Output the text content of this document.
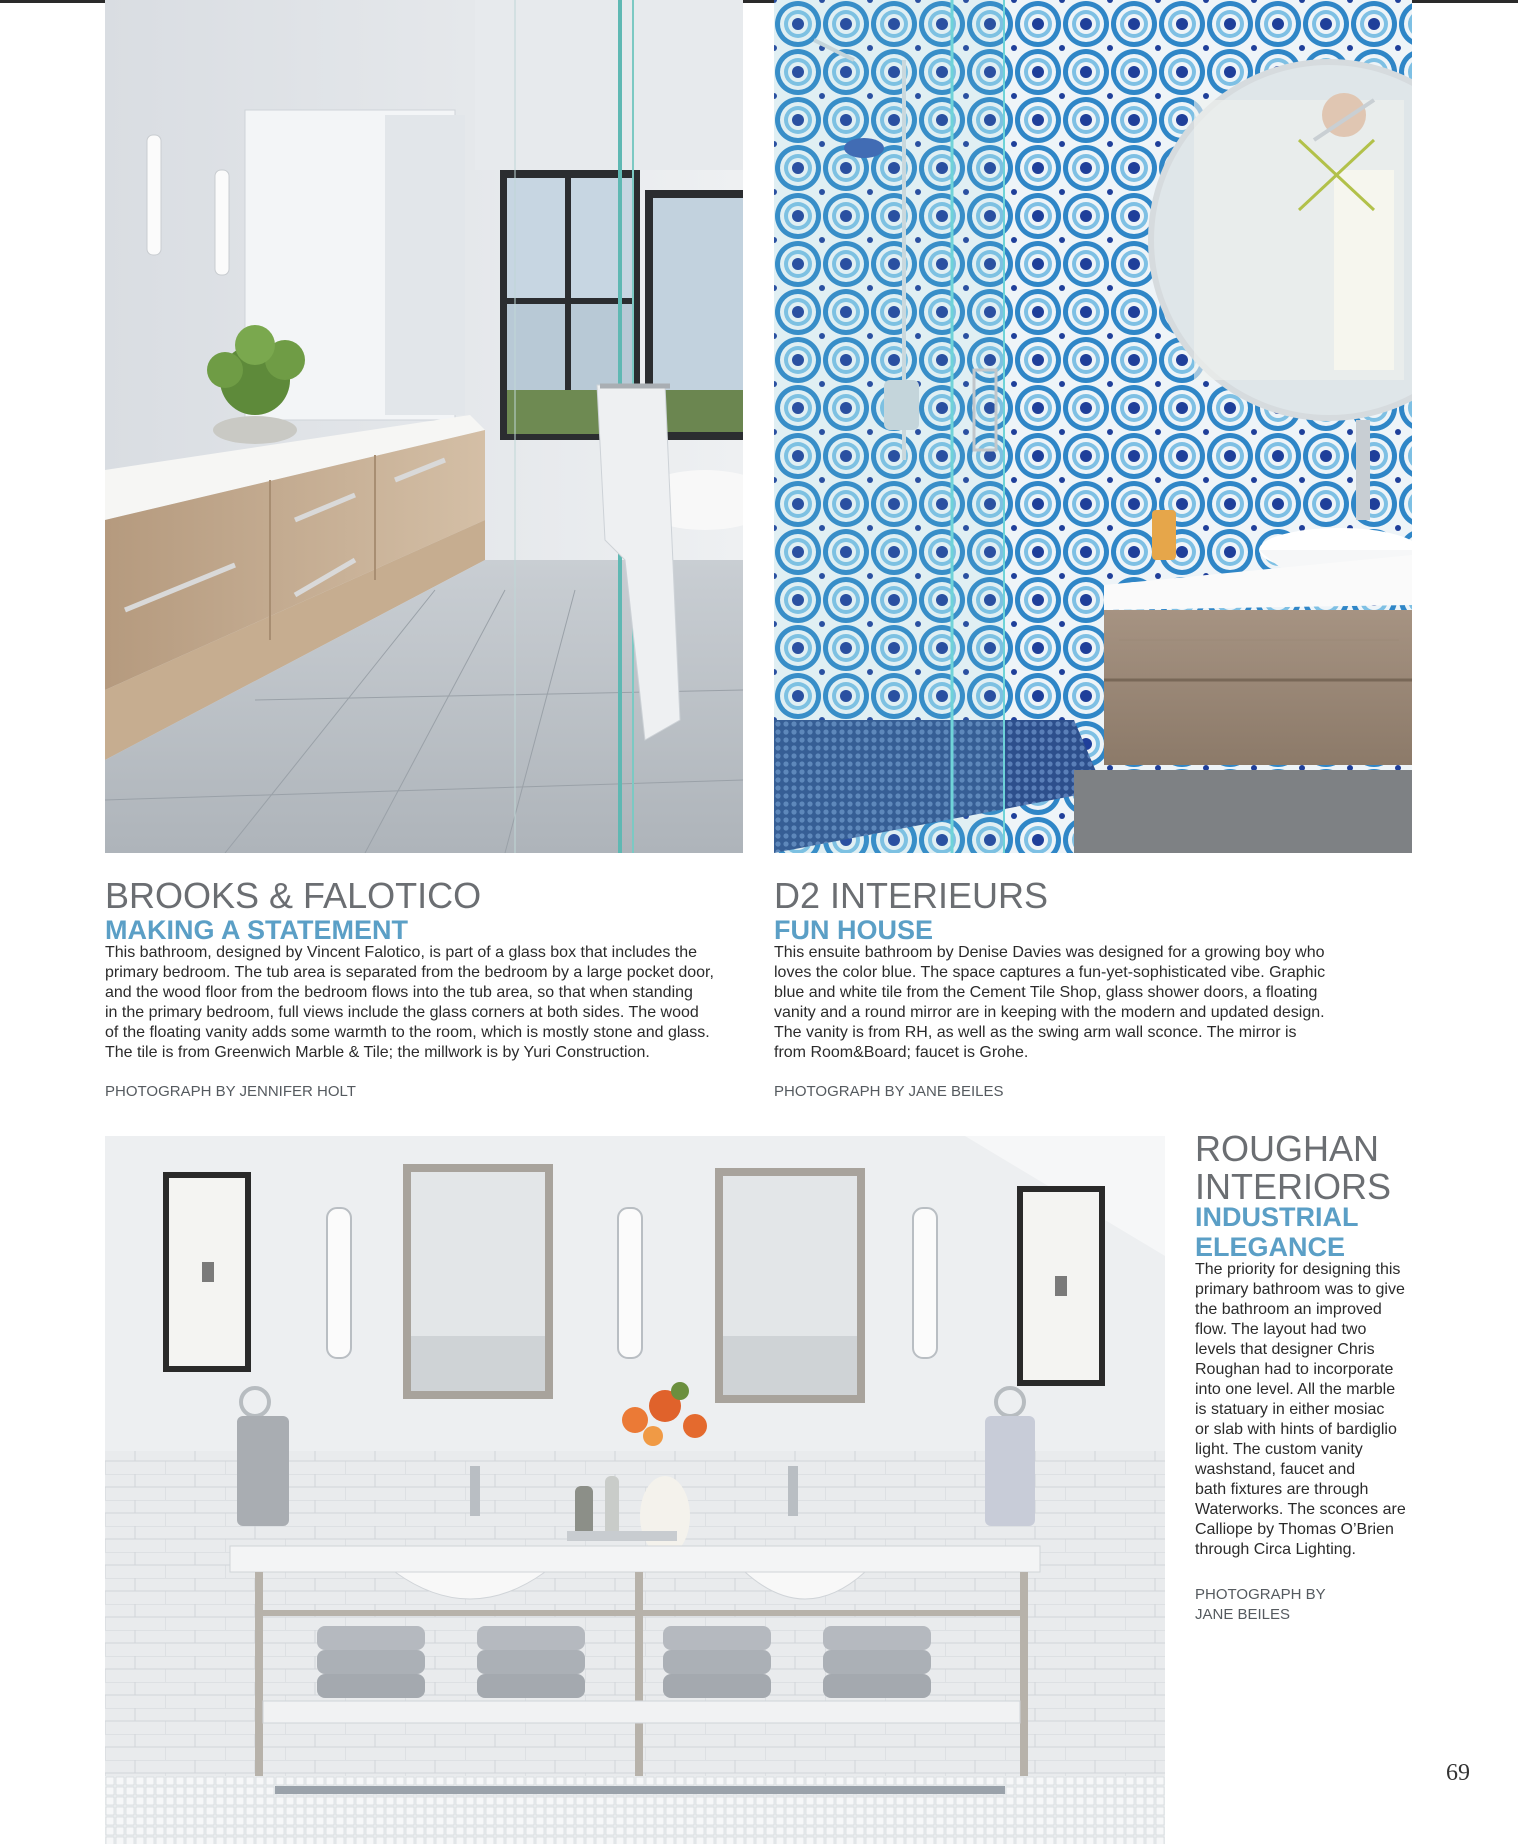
BROOKS & FALOTICO
MAKING A STATEMENT

This bathroom, designed by Vincent Falotico, is part of a glass box that includes the
primary bedroom. The tub area is separated from the bedroom by a large pocket door,
and the wood floor from the bedroom flows into the tub area, so that when standing
in the primary bedroom, full views include the glass corners at both sides. The wood
of the floating vanity adds some warmth to the room, which is mostly stone and glass.
The tile is from Greenwich Marble & Tile; the millwork is by Yuri Construction.

PHOTOGRAPH BY JENNIFER HOLT

D2 INTERIEURS
FUN HOUSE

This ensuite bathroom by Denise Davies was designed for a growing boy who
loves the color blue. The space captures a fun-yet-sophisticated vibe. Graphic
blue and white tile from the Cement Tile Shop, glass shower doors, a floating
vanity and a round mirror are in keeping with the modern and updated design.
The vanity is from RH, as well as the swing arm wall sconce. The mirror is
from Room&Board; faucet is Grohe.

PHOTOGRAPH BY JANE BEILES

ROUGHAN
INTERIORS
INDUSTRIAL
ELEGANCE

The priority for designing this
primary bathroom was to give
the bathroom an improved
flow. The layout had two
levels that designer Chris
Roughan had to incorporate
into one level. All the marble
is statuary in either mosiac
or slab with hints of bardiglio
light. The custom vanity
washstand, faucet and
bath fixtures are through
Waterworks. The sconces are
Calliope by Thomas O’Brien
through Circa Lighting.

PHOTOGRAPH BY
JANE BEILES

69
